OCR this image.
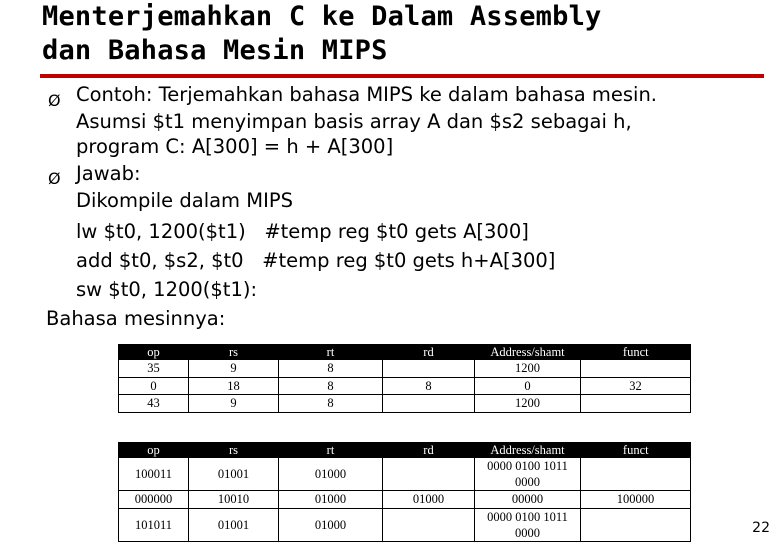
Menterjemahkan C ke Dalam Assembly
dan Bahasa Mesin MIPS
Ø Contoh: Terjemahkan bahasa MIPS ke dalam bahasa mesin.
Asumsi $t1 menyimpan basis array A dan $s2 sebagai h,
program C: A[300] = h + A[300]
Ø Jawab:
Dikompile dalam MIPS
lw $t0, 1200($t1)   #temp reg $t0 gets A[300]
add $t0, $s2, $t0   #temp reg $t0 gets h+A[300]
sw $t0, 1200($t1):
Bahasa mesinnya:
op	rs	rt	rd	Address/shamt	funct
35	9	8		1200	
0	18	8	8	0	32
43	9	8		1200	
op	rs	rt	rd	Address/shamt	funct
100011	01001	01000		0000 0100 1011 0000	
000000	10010	01000	01000	00000	100000
101011	01001	01000		0000 0100 1011 0000		22
